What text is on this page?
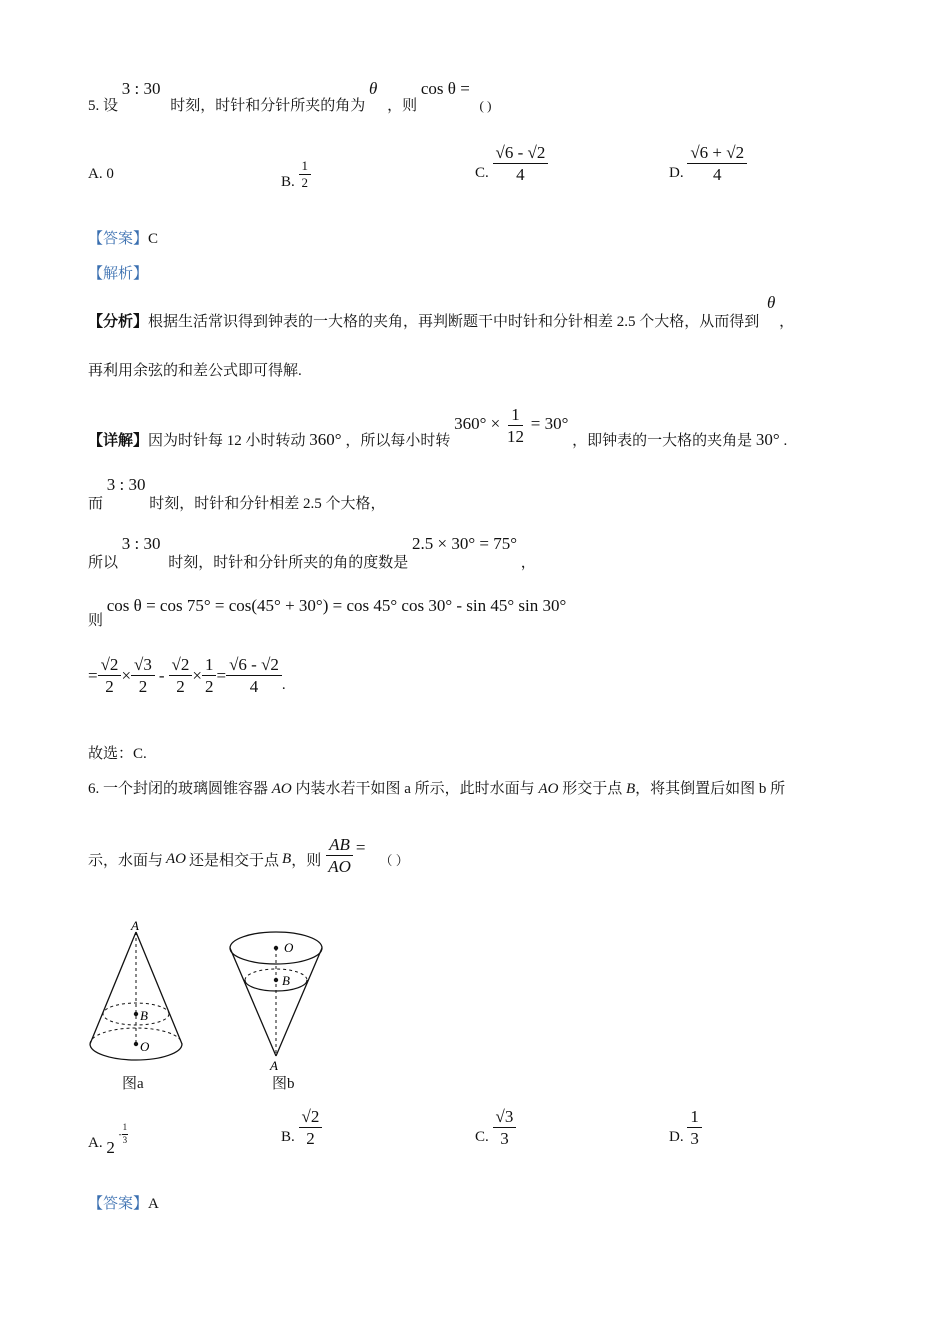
5. 设 3 : 30 时刻，时针和分针所夹的角为 θ ，则 cos θ = ( )
A. 0
B. $\frac{1}{2}$	C. $\frac{√6 - √2}{4}$	D. $\frac{√6 + √2}{4}$
【答案】C
【解析】
【分析】根据生活常识得到钟表的一大格的夹角，再判断题干中时针和分针相差 2.5 个大格，从而得到 θ ，
再利用余弦的和差公式即可得解.
【详解】因为时针每 12 小时转动 360° ，所以每小时转 $360^\circ \times \frac{1}{12} = 30^\circ$ ，即钟表的一大格的夹角是 30° .
而 3 : 30 时刻，时针和分针相差 2.5 个大格，
所以 3 : 30 时刻，时针和分针所夹的角的度数是 2.5 × 30° = 75° ，
则 cos θ = cos 75° = cos(45° + 30°) = cos 45° cos 30° - sin 45° sin 30°
= $\frac{√2}{2} \times \frac{√3}{2} - \frac{√2}{2} \times \frac{1}{2} = \frac{√6 - √2}{4}$ .
故选：C.
6. 一个封闭的玻璃圆锥容器 AO 内装水若干如图 a 所示，此时水面与 AO 形交于点 B，将其倒置后如图 b 所
示，水面与 AO 还是相交于点 B ，则 $\frac{AB}{AO}$ =
（ ）
A
B
O
图a
O
B
A
图b
A. 2
- $\frac{1}{3}$	B. $\frac{√2}{2}$	C. $\frac{√3}{3}$	D. $\frac{1}{3}$
【答案】A
